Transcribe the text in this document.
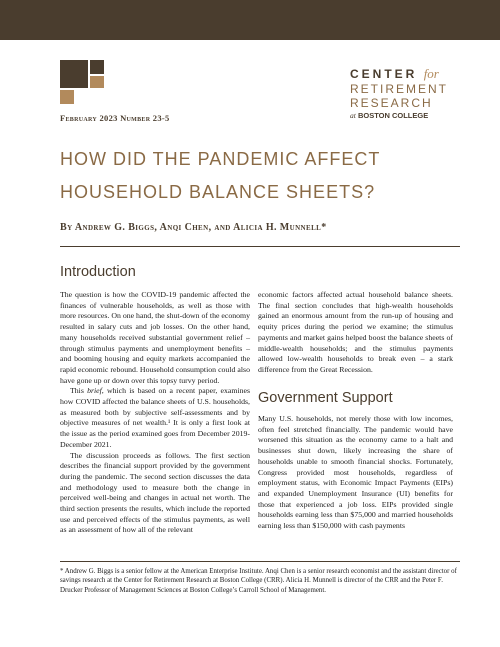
CENTER for
RETIREMENT
RESEARCH
at BOSTON COLLEGE
February 2023 Number 23-5
HOW DID THE PANDEMIC AFFECT
HOUSEHOLD BALANCE SHEETS?
By Andrew G. Biggs, Anqi Chen, and Alicia H. Munnell*
Introduction

The question is how the COVID-19 pandemic affected the finances of vulnerable households, as well as those with more resources. On one hand, the shut-down of the economy resulted in salary cuts and job losses. On the other hand, many households received substantial government relief – through stimulus payments and unemployment benefits – and booming housing and equity markets accompanied the rapid economic rebound. Household consumption could also have gone up or down over this topsy turvy period.

This brief, which is based on a recent paper, examines how COVID affected the balance sheets of U.S. households, as measured both by subjective self-assessments and by objective measures of net wealth.¹ It is only a first look at the issue as the period examined goes from December 2019-December 2021.

The discussion proceeds as follows. The first section describes the financial support provided by the government during the pandemic. The second section discusses the data and methodology used to measure both the change in perceived well-being and changes in actual net worth. The third section presents the results, which include the reported use and perceived effects of the stimulus payments, as well as an assessment of how all of the relevant

economic factors affected actual household balance sheets. The final section concludes that high-wealth households gained an enormous amount from the run-up of housing and equity prices during the period we examine; the stimulus payments and market gains helped boost the balance sheets of middle-wealth households; and the stimulus payments allowed low-wealth households to break even – a stark difference from the Great Recession.

Government Support

Many U.S. households, not merely those with low incomes, often feel stretched financially. The pandemic would have worsened this situation as the economy came to a halt and businesses shut down, likely increasing the share of households unable to smooth financial shocks. Fortunately, Congress provided most households, regardless of employment status, with Economic Impact Payments (EIPs) and expanded Unemployment Insurance (UI) benefits for those that experienced a job loss. EIPs provided single households earning less than $75,000 and married households earning less than $150,000 with cash payments

* Andrew G. Biggs is a senior fellow at the American Enterprise Institute. Anqi Chen is a senior research economist and the assistant director of savings research at the Center for Retirement Research at Boston College (CRR). Alicia H. Munnell is director of the CRR and the Peter F. Drucker Professor of Management Sciences at Boston College’s Carroll School of Management.
